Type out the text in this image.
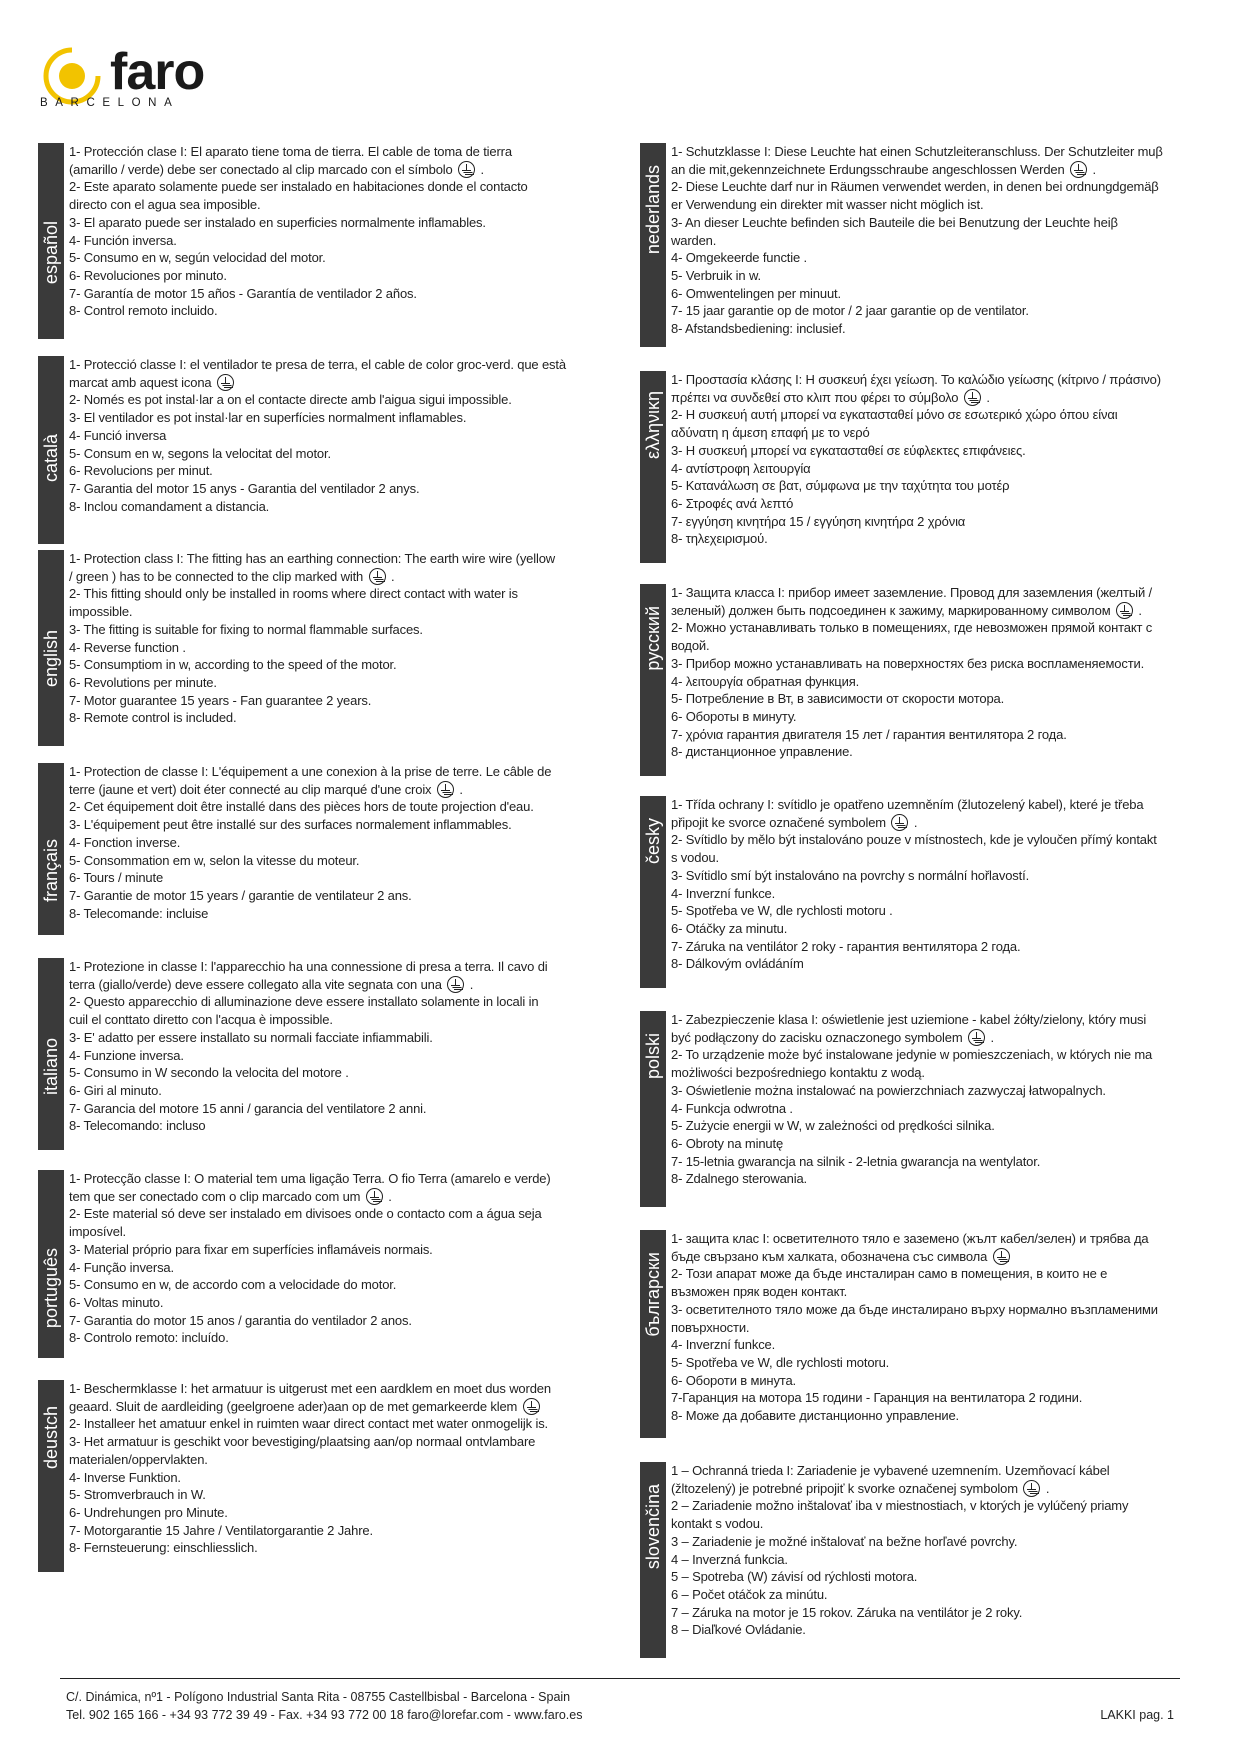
faro
BARCELONA
español
1- Protección clase I: El aparato tiene toma de tierra. El cable de toma de tierra
(amarillo / verde) debe ser conectado al clip marcado con el símbolo  .
2- Este aparato solamente puede ser instalado en habitaciones donde el contacto
directo con el agua sea imposible.
3- El aparato puede ser instalado en superficies normalmente inflamables.
4- Función inversa.
5- Consumo en w, según velocidad del motor.
6- Revoluciones por minuto.
7- Garantía de motor 15 años - Garantía de ventilador 2 años.
8- Control remoto incluido.
català
1- Protecció classe I: el ventilador te presa de terra, el cable de color groc-verd. que està
marcat amb aquest icona
2- Només es pot instal·lar a on el contacte directe amb l'aigua sigui impossible.
3- El ventilador es pot instal·lar en superfícies normalment inflamables.
4- Funció inversa
5- Consum en w, segons la velocitat del motor.
6- Revolucions per minut.
7- Garantia del motor 15 anys - Garantia del ventilador 2 anys.
8- Inclou comandament a distancia.
english
1- Protection class I: The fitting has an earthing connection: The earth wire wire (yellow
/ green ) has to be connected to the clip marked with  .
2- This fitting should only be installed in rooms where direct contact with water is
impossible.
3- The fitting is suitable for fixing to normal flammable surfaces.
4- Reverse function .
5- Consumptiom in w, according to the speed of the motor.
6- Revolutions per minute.
7- Motor guarantee 15 years - Fan guarantee 2 years.
8- Remote control is included.
français
1- Protection de classe I: L'équipement a une conexion à la prise de terre. Le câble de
terre (jaune et vert) doit éter connecté au clip marqué d'une croix  .
2- Cet équipement doit être installé dans des pièces hors de toute projection d'eau.
3- L'équipement peut être installé sur des surfaces normalement inflammables.
4- Fonction inverse.
5- Consommation em w, selon la vitesse du moteur.
6- Tours / minute
7- Garantie de motor 15 years / garantie de ventilateur 2 ans.
8- Telecomande: incluise
italiano
1- Protezione in classe I: l'apparecchio ha una connessione di presa a terra. Il cavo di
terra (giallo/verde) deve essere collegato alla vite segnata con una  .
2- Questo apparecchio di alluminazione deve essere installato solamente in locali in
cuil el conttato diretto con l'acqua è impossible.
3- E' adatto per essere installato su normali facciate infiammabili.
4- Funzione inversa.
5- Consumo in W secondo la velocita del motore .
6- Giri al minuto.
7- Garancia del motore 15 anni / garancia del ventilatore 2 anni.
8- Telecomando: incluso
português
1- Protecção classe I: O material tem uma ligação Terra. O fio Terra (amarelo e verde)
tem que ser conectado com o clip marcado com um  .
2- Este material só deve ser instalado em divisoes onde o contacto com a água seja
imposível.
3- Material próprio para fixar em superfícies inflamáveis normais.
4- Função inversa.
5- Consumo en w, de accordo com a velocidade do motor.
6- Voltas minuto.
7- Garantia do motor 15 anos / garantia do ventilador 2 anos.
8- Controlo remoto: incluído.
deustch
1- Beschermklasse I: het armatuur is uitgerust met een aardklem en moet dus worden
geaard. Sluit de aardleiding (geelgroene ader)aan op de met gemarkeerde klem
2- Installeer het amatuur enkel in ruimten waar direct contact met water onmogelijk is.
3- Het armatuur is geschikt voor bevestiging/plaatsing aan/op normaal ontvlambare
materialen/oppervlakten.
4- Inverse Funktion.
5- Stromverbrauch in W.
6- Undrehungen pro Minute.
7- Motorgarantie 15 Jahre / Ventilatorgarantie 2 Jahre.
8- Fernsteuerung: einschliesslich.
nederlands
1- Schutzklasse I: Diese Leuchte hat einen Schutzleiteranschluss. Der Schutzleiter muβ
an die mit,gekennzeichnete Erdungsschraube angeschlossen Werden  .
2- Diese Leuchte darf nur in Räumen verwendet werden, in denen bei ordnungdgemäβ
er Verwendung ein direkter mit wasser nicht möglich ist.
3- An dieser Leuchte befinden sich Bauteile die bei Benutzung der Leuchte heiβ
warden.
4- Omgekeerde functie .
5- Verbruik in w.
6- Omwentelingen per minuut.
7- 15 jaar garantie op de motor / 2 jaar garantie op de ventilator.
8- Afstandsbediening: inclusief.
ελληνικη
1- Προστασία κλάσης I: Η συσκευή έχει γείωση. Το καλώδιο γείωσης (κίτρινο / πράσινο)
πρέπει να συνδεθεί στο κλιπ που φέρει το σύμβολο  .
2- Η συσκευή αυτή μπορεί να εγκατασταθεί μόνο σε εσωτερικό χώρο όπου είναι
αδύνατη η άμεση επαφή με το νερό
3- Η συσκευή μπορεί να εγκατασταθεί σε εύφλεκτες επιφάνειες.
4- αντίστροφη λειτουργία
5- Κατανάλωση σε βατ, σύμφωνα με την ταχύτητα του μοτέρ
6- Στροφές ανά λεπτό
7- εγγύηση κινητήρα 15 / εγγύηση κινητήρα 2 χρόνια
8- τηλεχειρισμού.
русский
1- Защита класса I: прибор имеет заземление. Провод для заземления (желтый /
зеленый) должен быть подсоединен к зажиму, маркированному символом  .
2- Можно устанавливать только в помещениях, где невозможен прямой контакт с
водой.
3- Прибор можно устанавливать на поверхностях без риска воспламеняемости.
4- λειτουργία обратная функция.
5- Потребление в Вт, в зависимости от скорости мотора.
6- Обороты в минуту.
7- χρόνια гарантия двигателя 15 лет / гарантия вентилятора 2 года.
8- дистанционное управление.
česky
1- Třída ochrany I: svítidlo je opatřeno uzemněním (žlutozelený kabel), které je třeba
připojit ke svorce označené symbolem  .
2- Svítidlo by mělo být instalováno pouze v místnostech, kde je vyloučen přímý kontakt
s vodou.
3- Svítidlo smí být instalováno na povrchy s normální hořlavostí.
4- Inverzní funkce.
5- Spotřeba ve W, dle rychlosti motoru .
6- Otáčky za minutu.
7- Záruka na ventilátor 2 roky - гарантия вентилятора 2 года.
8- Dálkovým ovládáním
polski
1- Zabezpieczenie klasa I: oświetlenie jest uziemione - kabel żółty/zielony, który musi
być podłączony do zacisku oznaczonego symbolem  .
2- To urządzenie może być instalowane jedynie w pomieszczeniach, w których nie ma
możliwości bezpośredniego kontaktu z wodą.
3- Oświetlenie można instalować na powierzchniach zazwyczaj łatwopalnych.
4- Funkcja odwrotna .
5- Zużycie energii w W, w zależności od prędkości silnika.
6- Obroty na minutę
7- 15-letnia gwarancja na silnik - 2-letnia gwarancja na wentylator.
8- Zdalnego sterowania.
български
1- защита клас I: осветителното тяло е заземено (жълт кабел/зелен) и трябва да
бъде свързано към халката, обозначена със символа
2- Този апарат може да бъде инсталиран само в помещения, в които не е
възможен пряк воден контакт.
3- осветителното тяло може да бъде инсталирано върху нормално възпламеними
повърхности.
4- Inverzní funkce.
5- Spotřeba ve W, dle rychlosti motoru.
6- Обороти в минута.
7-Гаранция на мотора 15 години - Гаранция на вентилатора 2 години.
8- Може да добавите дистанционно управление.
slovenčina
1 – Ochranná trieda I: Zariadenie je vybavené uzemnením. Uzemňovací kábel
(žltozelený) je potrebné pripojiť k svorke označenej symbolom  .
2 – Zariadenie možno inštalovať iba v miestnostiach, v ktorých je vylúčený priamy
kontakt s vodou.
3 – Zariadenie je možné inštalovať na bežne horľavé povrchy.
4 – Inverzná funkcia.
5 – Spotreba (W) závisí od rýchlosti motora.
6 – Počet otáčok za minútu.
7 – Záruka na motor je 15 rokov. Záruka na ventilátor je 2 roky.
8 – Diaľkové Ovládanie.
C/. Dinámica, nº1 - Polígono Industrial Santa Rita - 08755 Castellbisbal - Barcelona - Spain
Tel. 902 165 166 - +34 93 772 39 49 - Fax. +34 93 772 00 18 faro@lorefar.com - www.faro.es	LAKKI pag. 1
